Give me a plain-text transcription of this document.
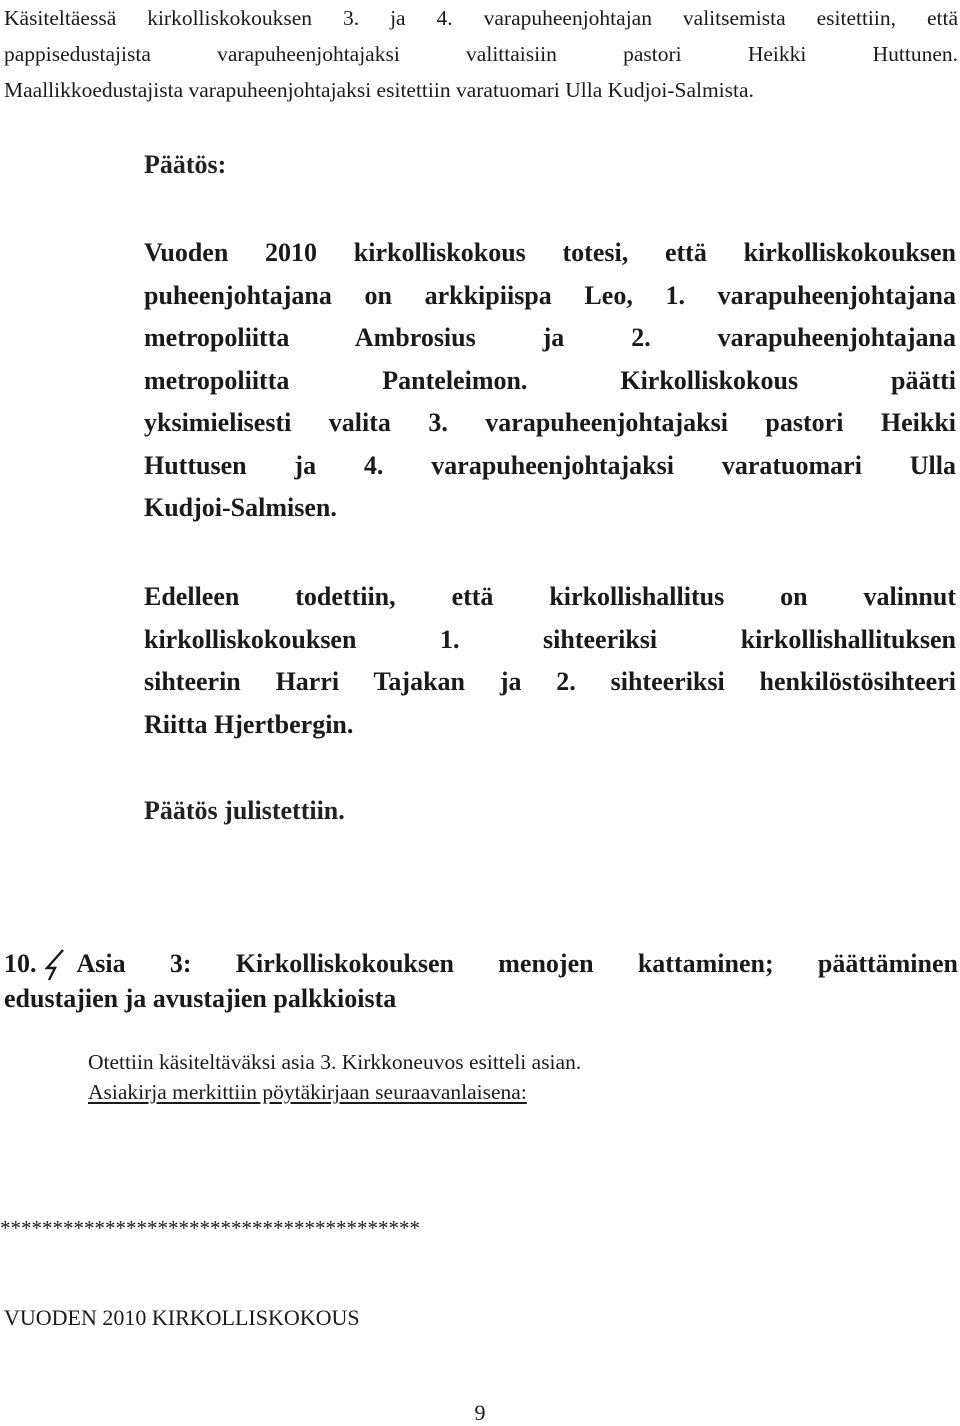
Käsiteltäessä kirkolliskokouksen 3. ja 4. varapuheenjohtajan valitsemista esitettiin, että
pappisedustajista varapuheenjohtajaksi valittaisiin pastori Heikki Huttunen.
Maallikkoedustajista varapuheenjohtajaksi esitettiin varatuomari Ulla Kudjoi-Salmista.
Päätös:
Vuoden 2010 kirkolliskokous totesi, että kirkolliskokouksen
puheenjohtajana on arkkipiispa Leo, 1. varapuheenjohtajana
metropoliitta Ambrosius ja 2. varapuheenjohtajana
metropoliitta Panteleimon. Kirkolliskokous päätti
yksimielisesti valita 3. varapuheenjohtajaksi pastori Heikki
Huttusen ja 4. varapuheenjohtajaksi varatuomari Ulla
Kudjoi-Salmisen.
Edelleen todettiin, että kirkollishallitus on valinnut
kirkolliskokouksen 1. sihteeriksi kirkollishallituksen
sihteerin Harri Tajakan ja 2. sihteeriksi henkilöstösihteeri
Riitta Hjertbergin.
Päätös julistettiin.
10. Asia 3: Kirkolliskokouksen menojen kattaminen; päättäminen
edustajien ja avustajien palkkioista
Otettiin käsiteltäväksi asia 3. Kirkkoneuvos esitteli asian.
Asiakirja merkittiin pöytäkirjaan seuraavanlaisena:
****************************************
VUODEN 2010 KIRKOLLISKOKOUS
9
